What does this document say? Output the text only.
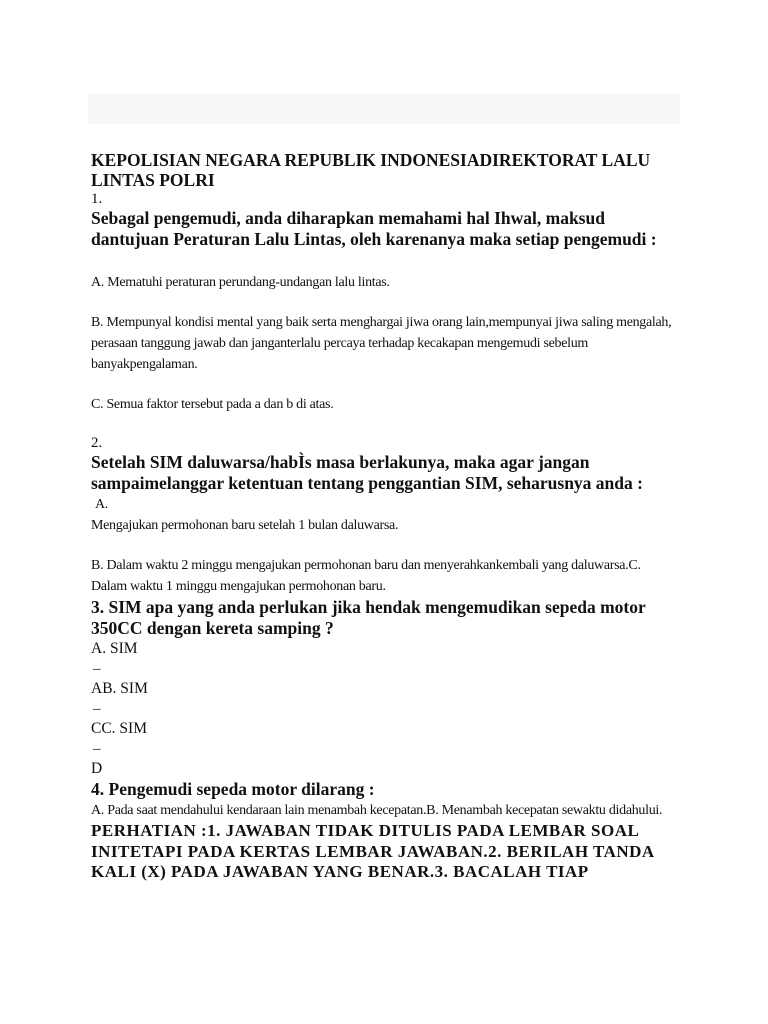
KEPOLISIAN NEGARA REPUBLIK INDONESIADIREKTORAT LALU LINTAS POLRI

1.

Sebagal pengemudi, anda diharapkan memahami hal Ihwal, maksud dantujuan Peraturan Lalu Lintas, oleh karenanya maka setiap pengemudi :

A. Mematuhi peraturan perundang-undangan lalu lintas.

B. Mempunyal kondisi mental yang baik serta menghargai jiwa orang lain,mempunyai jiwa saling mengalah, perasaan tanggung jawab dan janganterlalu percaya terhadap kecakapan mengemudi sebelum banyakpengalaman.

C. Semua faktor tersebut pada a dan b di atas.

2.

Setelah SIM daluwarsa/habÌs masa berlakunya, maka agar jangan sampaimelanggar ketentuan tentang penggantian SIM, seharusnya anda :

A.

Mengajukan permohonan baru setelah 1 bulan daluwarsa.

B. Dalam waktu 2 minggu mengajukan permohonan baru dan menyerahkankembali yang daluwarsa.C. Dalam waktu 1 minggu mengajukan permohonan baru.

3. SIM apa yang anda perlukan jika hendak mengemudikan sepeda motor 350CC dengan kereta samping ?

A. SIM

–

AB. SIM

–

CC. SIM

–

D

4. Pengemudi sepeda motor dilarang :

A. Pada saat mendahului kendaraan lain menambah kecepatan.B. Menambah kecepatan sewaktu didahului.

PERHATIAN :1. JAWABAN TIDAK DITULIS PADA LEMBAR SOAL INITETAPI PADA KERTAS LEMBAR JAWABAN.2. BERILAH TANDA KALI (X) PADA JAWABAN YANG BENAR.3. BACALAH TIAP
